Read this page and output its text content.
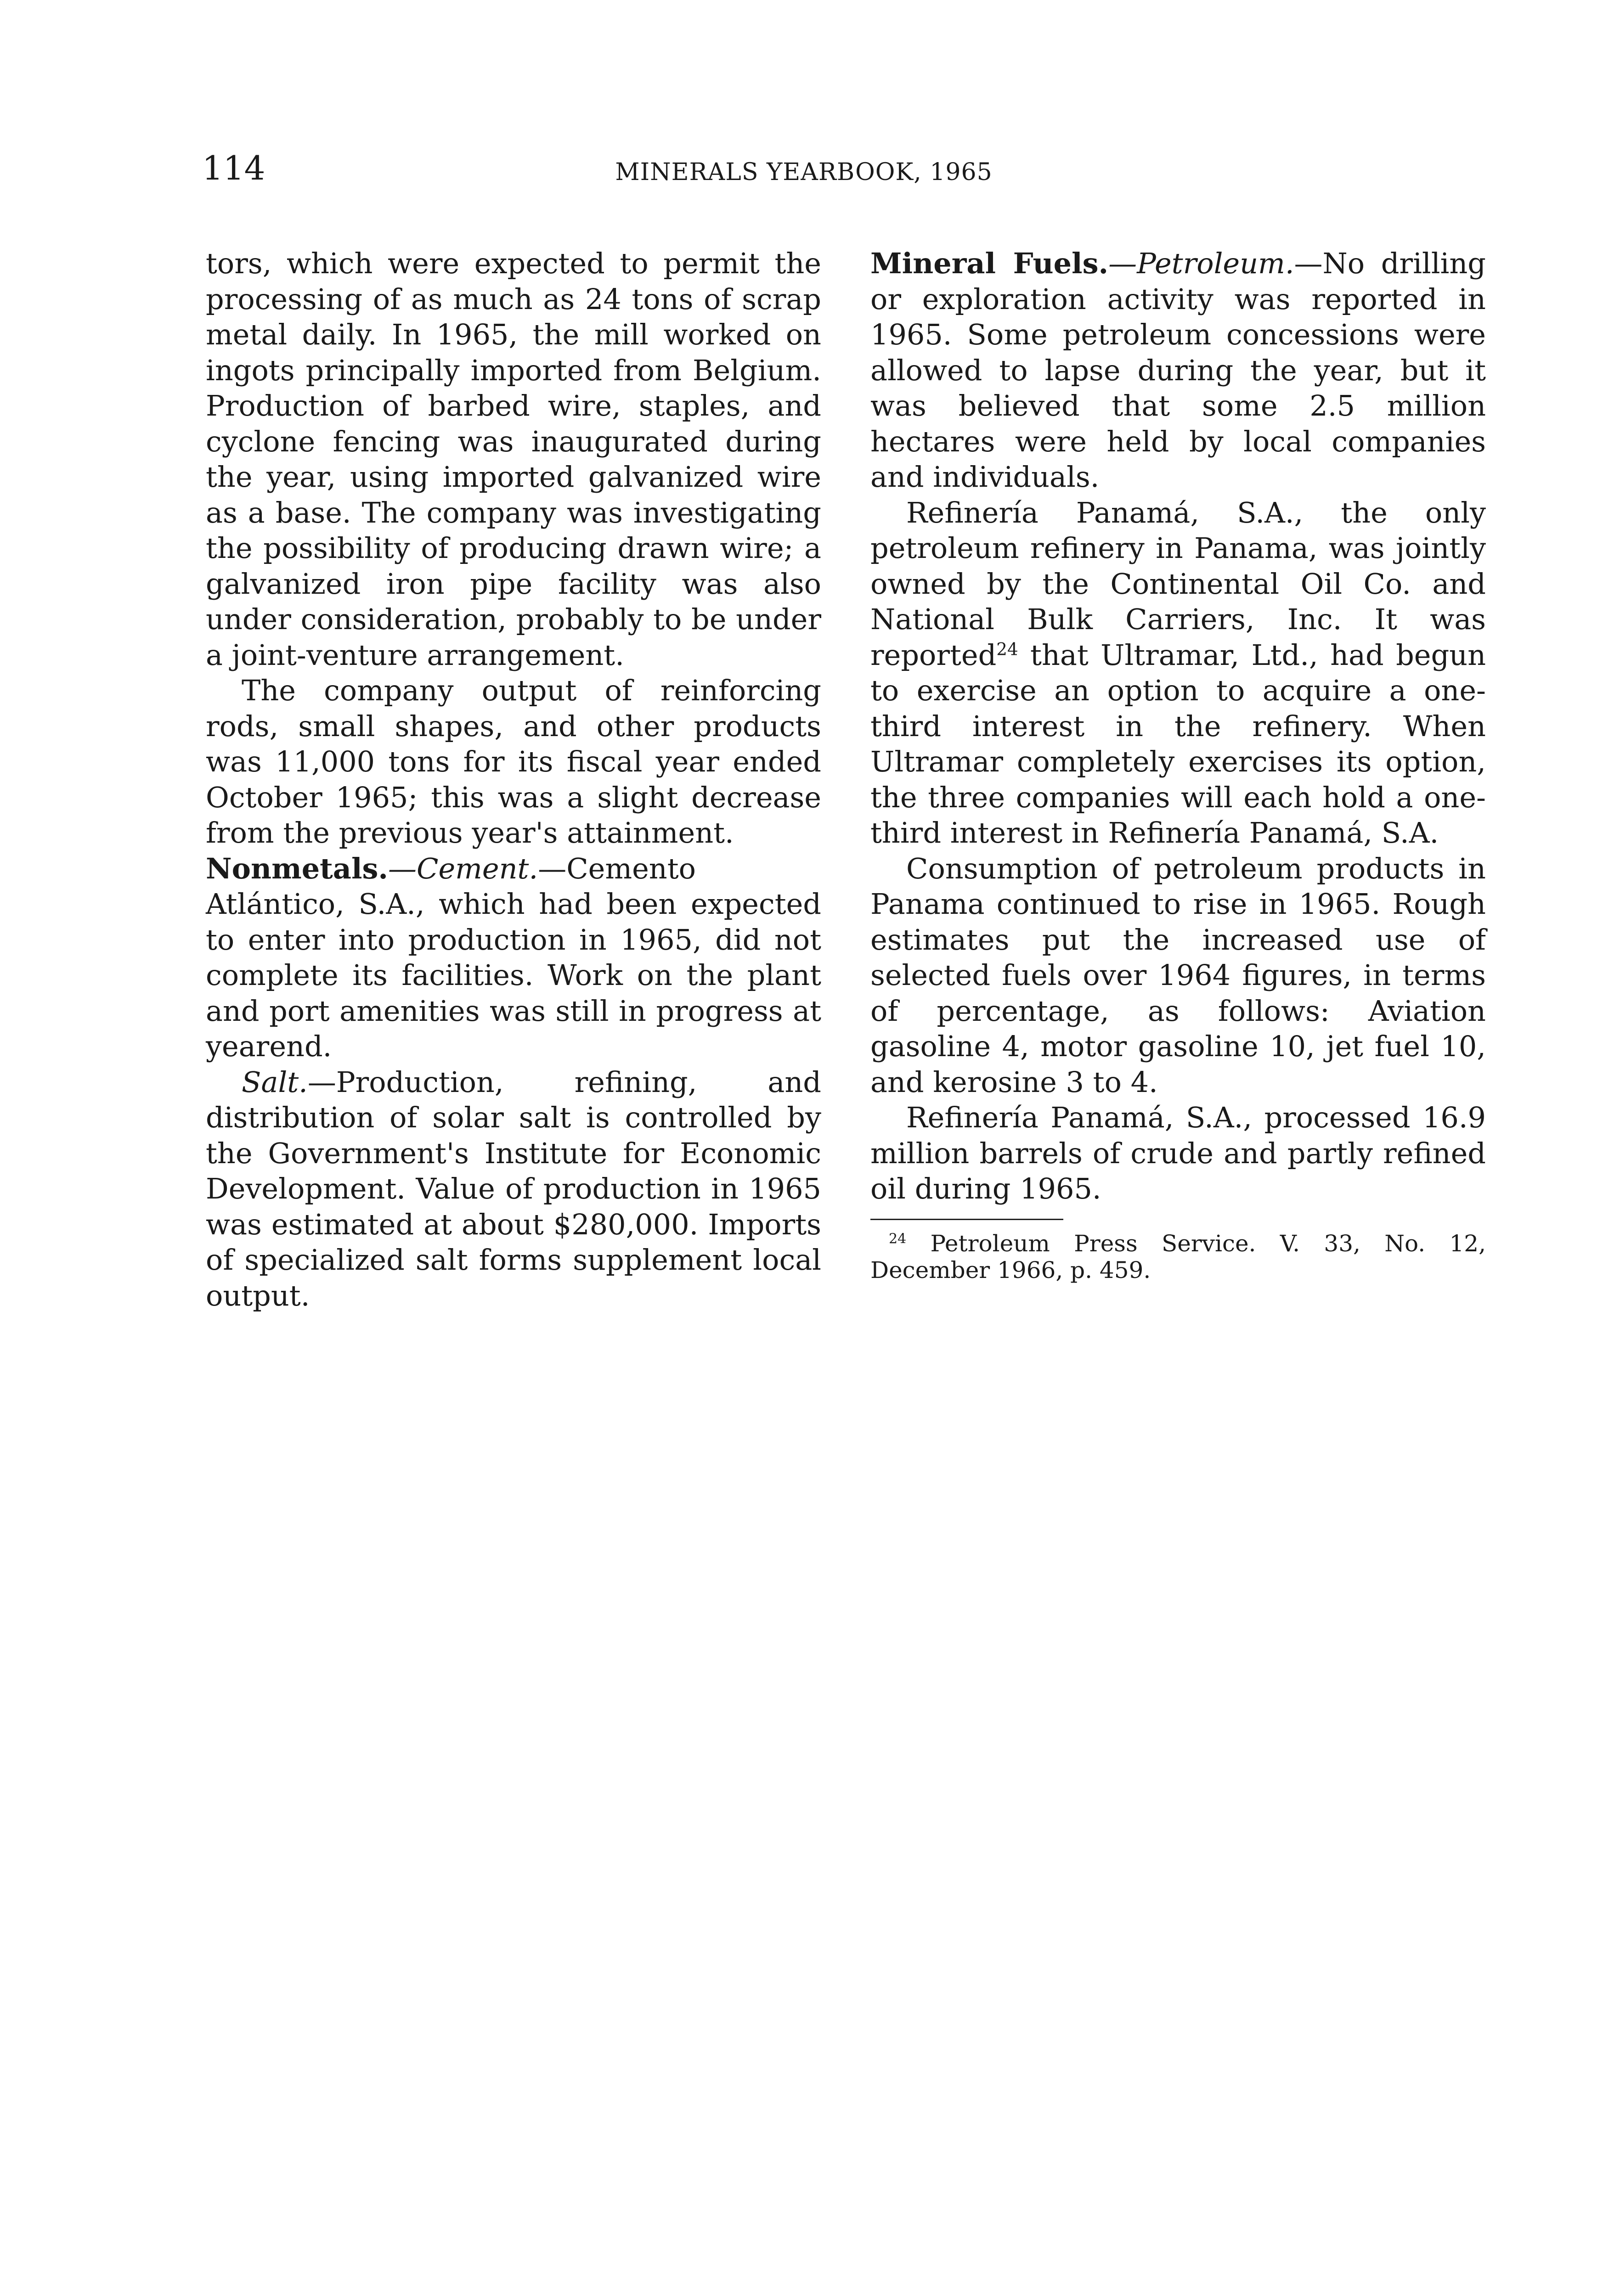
114	MINERALS YEARBOOK, 1965

tors, which were expected to permit the processing of as much as 24 tons of scrap metal daily. In 1965, the mill worked on ingots principally imported from Belgium. Production of barbed wire, staples, and cyclone fencing was inaugurated during the year, using imported galvanized wire as a base. The company was investigating the possibility of producing drawn wire; a galvanized iron pipe facility was also under consideration, probably to be under a joint-venture arrangement.

The company output of reinforcing rods, small shapes, and other products was 11,000 tons for its fiscal year ended October 1965; this was a slight decrease from the previous year's attainment.

Nonmetals.—Cement.—Cemento Atlántico, S.A., which had been expected to enter into production in 1965, did not complete its facilities. Work on the plant and port amenities was still in progress at yearend.

Salt.—Production, refining, and distribution of solar salt is controlled by the Government's Institute for Economic Development. Value of production in 1965 was estimated at about $280,000. Imports of specialized salt forms supplement local output.

Mineral Fuels.—Petroleum.—No drilling or exploration activity was reported in 1965. Some petroleum concessions were allowed to lapse during the year, but it was believed that some 2.5 million hectares were held by local companies and individuals.

Refinería Panamá, S.A., the only petroleum refinery in Panama, was jointly owned by the Continental Oil Co. and National Bulk Carriers, Inc. It was reported$^{24}$ that Ultramar, Ltd., had begun to exercise an option to acquire a one-third interest in the refinery. When Ultramar completely exercises its option, the three companies will each hold a one-third interest in Refinería Panamá, S.A.

Consumption of petroleum products in Panama continued to rise in 1965. Rough estimates put the increased use of selected fuels over 1964 figures, in terms of percentage, as follows: Aviation gasoline 4, motor gasoline 10, jet fuel 10, and kerosine 3 to 4.

Refinería Panamá, S.A., processed 16.9 million barrels of crude and partly refined oil during 1965.

$^{24}$ Petroleum Press Service. V. 33, No. 12, December 1966, p. 459.
